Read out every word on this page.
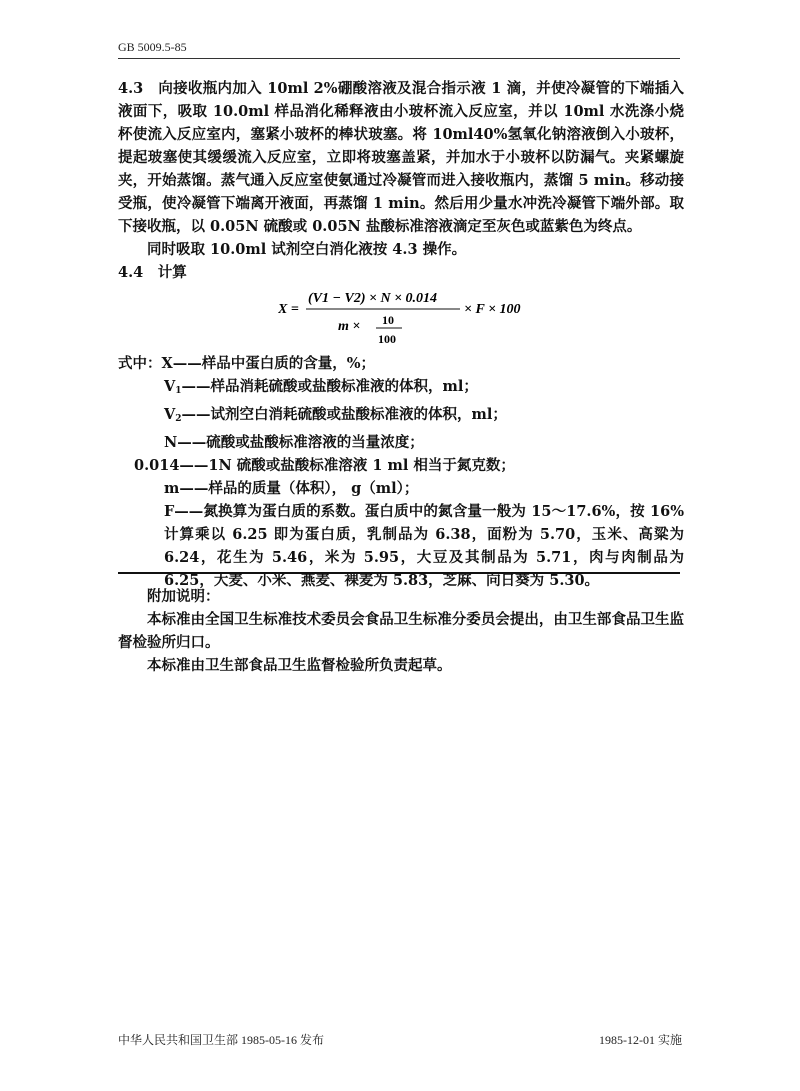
GB 5009.5-85

4.3　向接收瓶内加入 10ml 2%硼酸溶液及混合指示液 1 滴，并使冷凝管的下端插入液面下，吸取 10.0ml 样品消化稀释液由小玻杯流入反应室，并以 10ml 水洗涤小烧杯使流入反应室内，塞紧小玻杯的棒状玻塞。将 10ml40%氢氧化钠溶液倒入小玻杯，提起玻塞使其缓缓流入反应室，立即将玻塞盖紧，并加水于小玻杯以防漏气。夹紧螺旋夹，开始蒸馏。蒸气通入反应室使氨通过冷凝管而进入接收瓶内，蒸馏 5 min。移动接受瓶，使冷凝管下端离开液面，再蒸馏 1 min。然后用少量水冲洗冷凝管下端外部。取下接收瓶，以 0.05N 硫酸或 0.05N 盐酸标准溶液滴定至灰色或蓝紫色为终点。

同时吸取 10.0ml 试剂空白消化液按 4.3 操作。

4.4　计算

X =
(V1 − V2) × N × 0.014
m × 10
100
× F × 100
式中：X——样品中蛋白质的含量，%；
$V_1——$样品消耗硫酸或盐酸标准液的体积，ml；
$V_2——$试剂空白消耗硫酸或盐酸标准液的体积，ml；
N——硫酸或盐酸标准溶液的当量浓度；
0.014——1N 硫酸或盐酸标准溶液 1 ml 相当于氮克数；
m——样品的质量（体积）， g（ml）；

F——氮换算为蛋白质的系数。蛋白质中的氮含量一般为 15～17.6%，按 16%计算乘以 6.25 即为蛋白质，乳制品为 6.38，面粉为 5.70，玉米、高粱为 6.24，花生为 5.46，米为 5.95，大豆及其制品为 5.71，肉与肉制品为 6.25，大麦、小米、燕麦、裸麦为 5.83，芝麻、向日葵为 5.30。

附加说明：

本标准由全国卫生标准技术委员会食品卫生标准分委员会提出，由卫生部食品卫生监督检验所归口。

本标准由卫生部食品卫生监督检验所负责起草。

中华人民共和国卫生部 1985-05-16 发布	1985-12-01 实施
